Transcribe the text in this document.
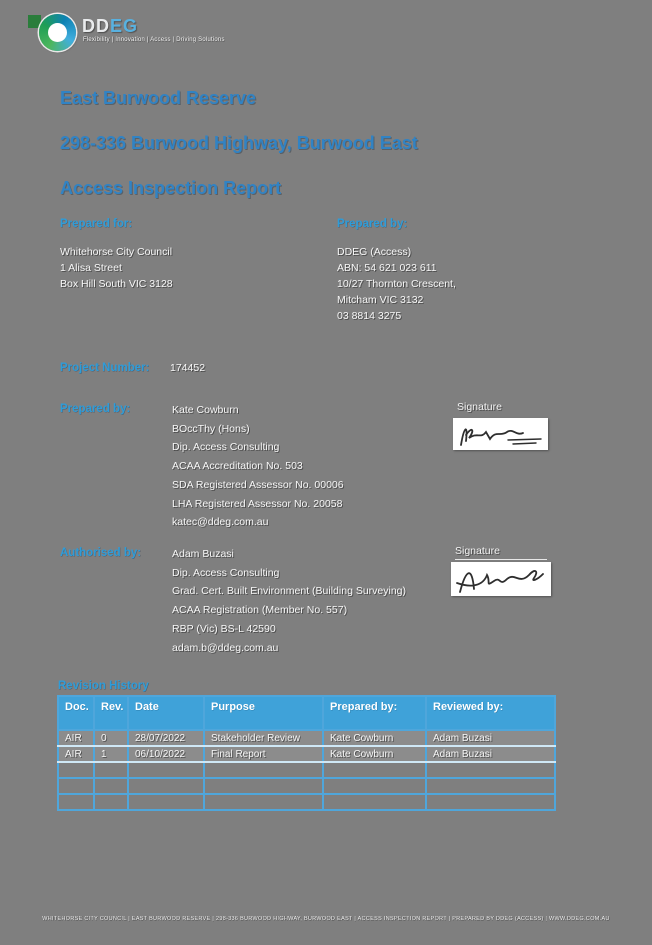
DDEG
Flexibility | Innovation | Access | Driving Solutions
East Burwood Reserve
298-336 Burwood Highway, Burwood East
Access Inspection Report
Prepared for:
Whitehorse City Council
1 Alisa Street
Box Hill South VIC 3128
Prepared by:
DDEG (Access)
ABN: 54 621 023 611
10/27 Thornton Crescent,
Mitcham VIC 3132
03 8814 3275
Project Number: 174452
Prepared by:	Kate Cowburn
BOccThy (Hons)
Dip. Access Consulting
ACAA Accreditation No. 503
SDA Registered Assessor No. 00006
LHA Registered Assessor No. 20058
katec@ddeg.com.au
Signature
Authorised by:	Adam Buzasi
Dip. Access Consulting
Grad. Cert. Built Environment (Building Surveying)
ACAA Registration (Member No. 557)
RBP (Vic) BS-L 42590
adam.b@ddeg.com.au
Signature
Revision History
Doc.	Rev.	Date	Purpose	Prepared by:	Reviewed by:
AIR	0	28/07/2022	Stakeholder Review	Kate Cowburn	Adam Buzasi
AIR	1	06/10/2022	Final Report	Kate Cowburn	Adam Buzasi

WHITEHORSE CITY COUNCIL | EAST BURWOOD RESERVE | 298-336 BURWOOD HIGHWAY, BURWOOD EAST | ACCESS INSPECTION REPORT | PREPARED BY DDEG (ACCESS) | WWW.DDEG.COM.AU
